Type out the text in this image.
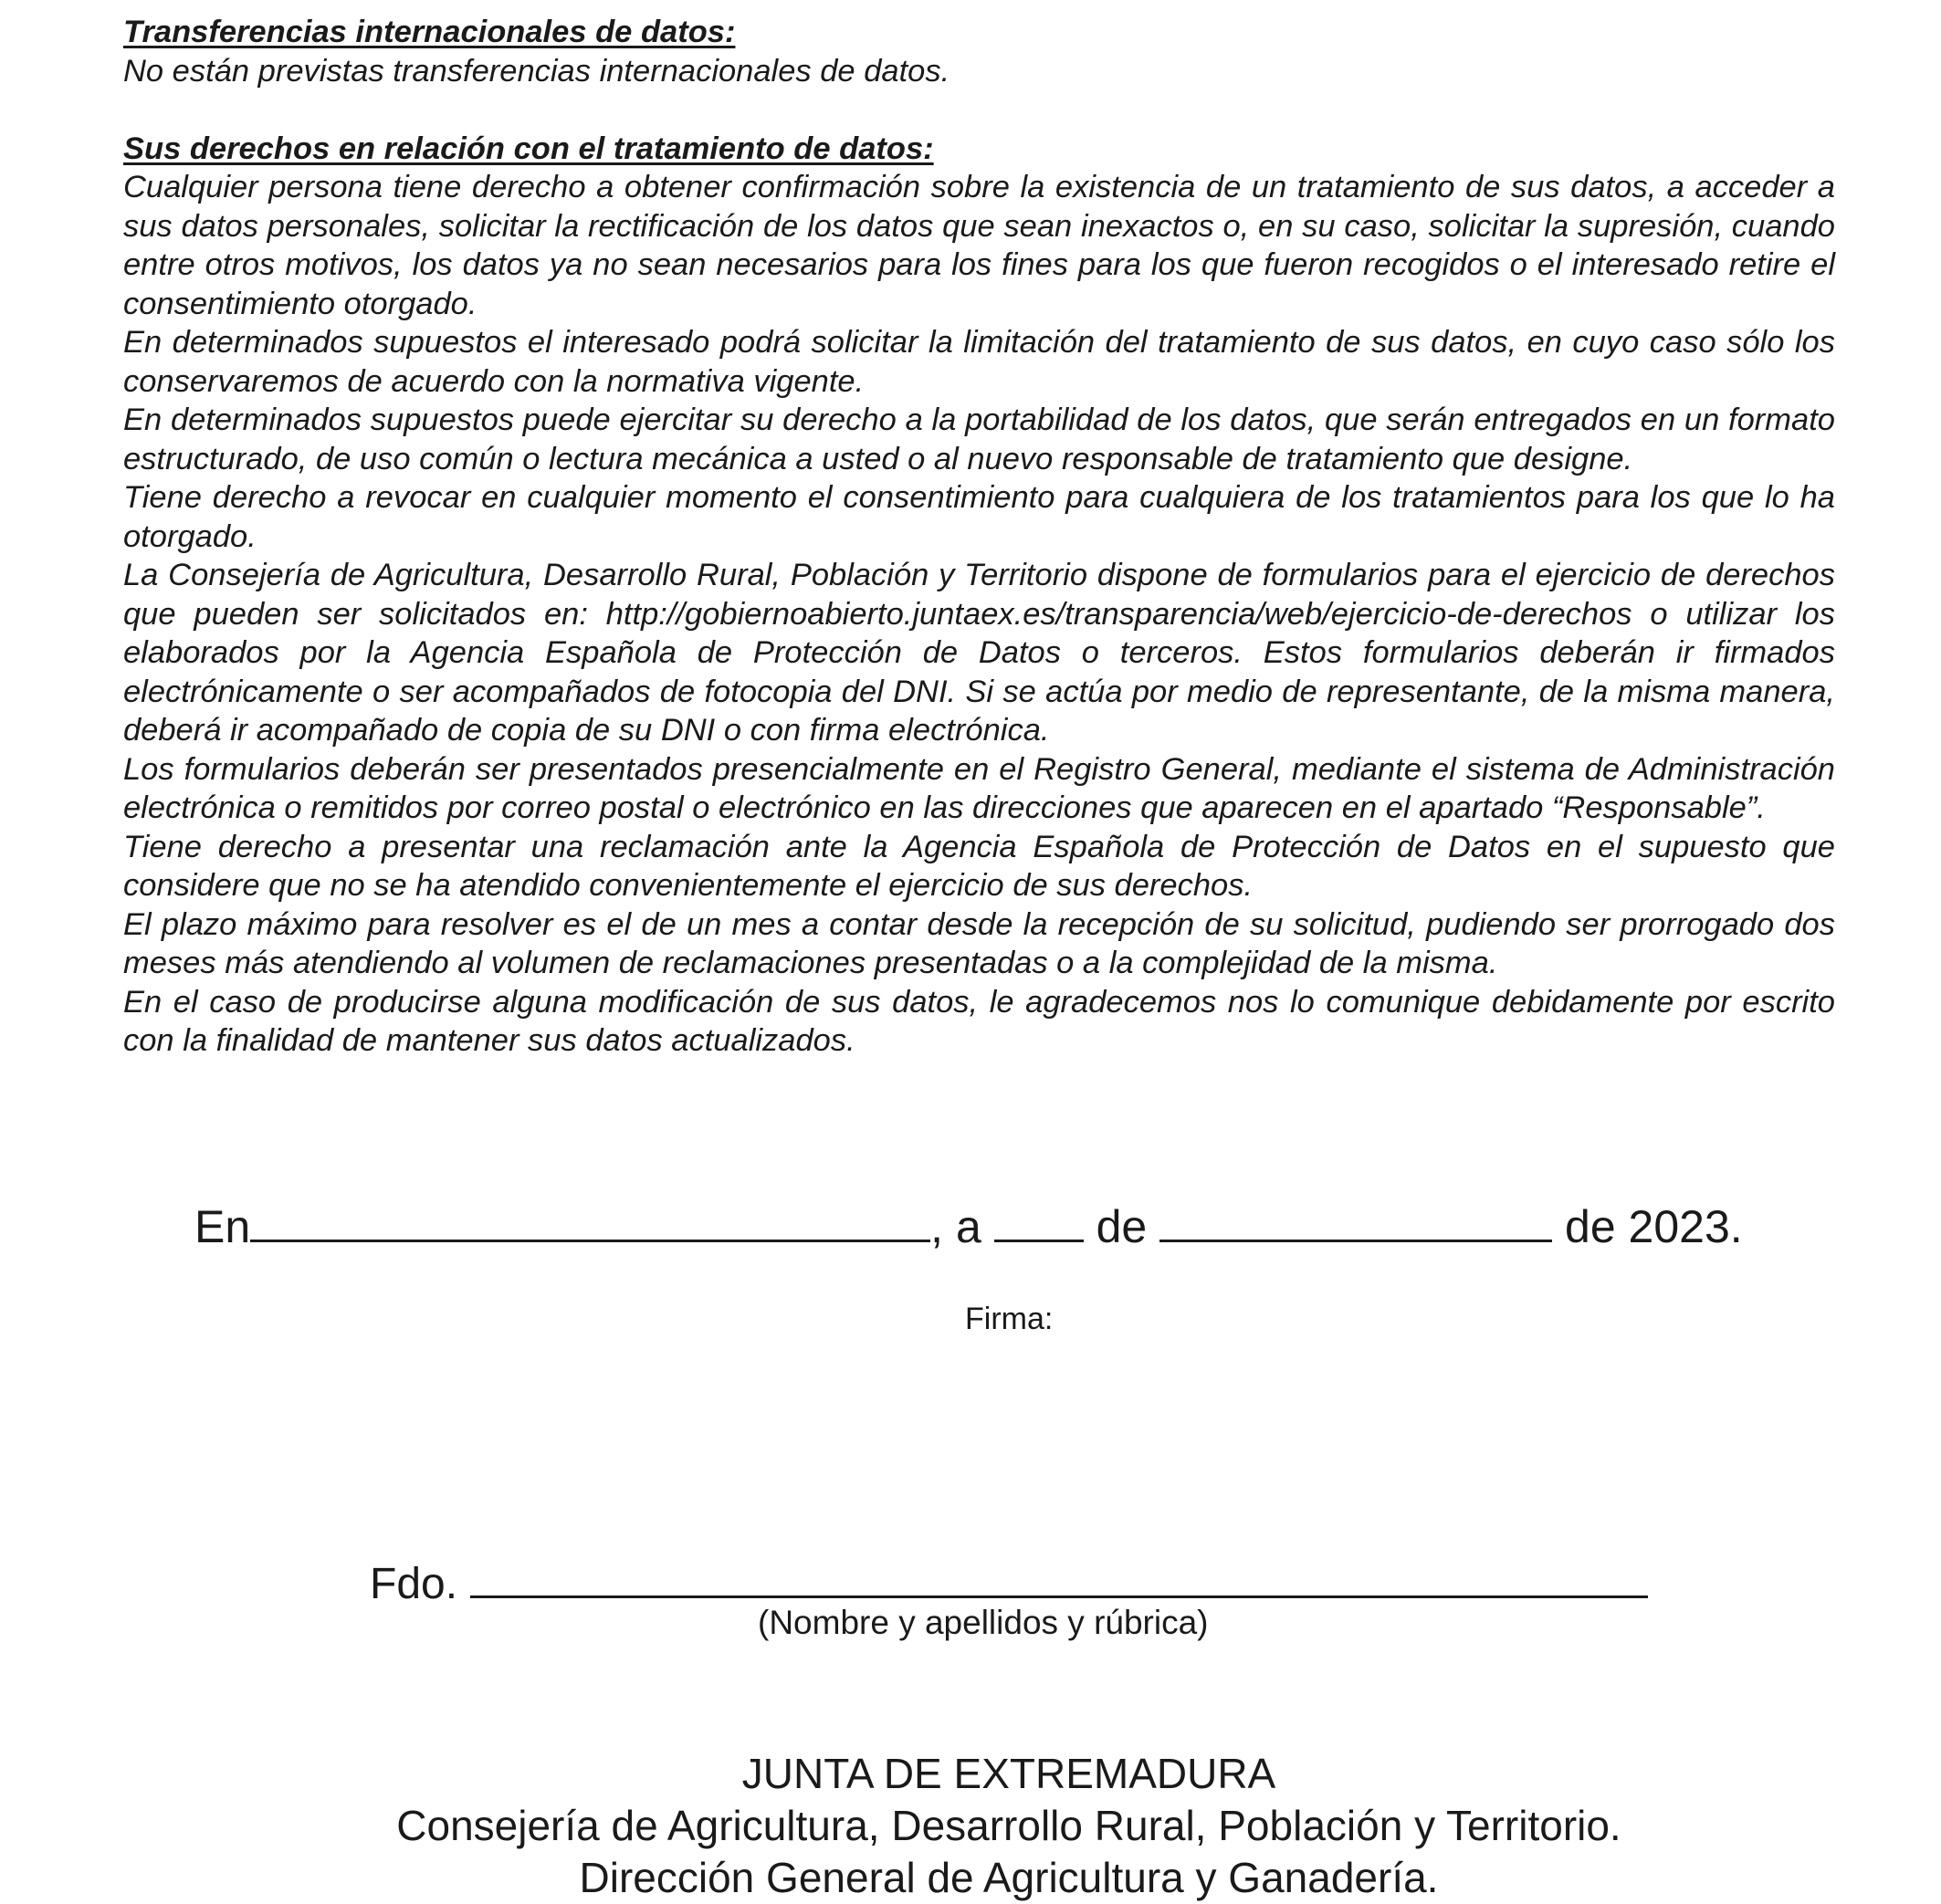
Transferencias internacionales de datos:

No están previstas transferencias internacionales de datos.

Sus derechos en relación con el tratamiento de datos:

Cualquier persona tiene derecho a obtener confirmación sobre la existencia de un tratamiento de sus datos, a acceder a sus datos personales, solicitar la rectificación de los datos que sean inexactos o, en su caso, solicitar la supresión, cuando entre otros motivos, los datos ya no sean necesarios para los fines para los que fueron recogidos o el interesado retire el consentimiento otorgado.

En determinados supuestos el interesado podrá solicitar la limitación del tratamiento de sus datos, en cuyo caso sólo los conservaremos de acuerdo con la normativa vigente.

En determinados supuestos puede ejercitar su derecho a la portabilidad de los datos, que serán entregados en un formato estructurado, de uso común o lectura mecánica a usted o al nuevo responsable de tratamiento que designe.

Tiene derecho a revocar en cualquier momento el consentimiento para cualquiera de los tratamientos para los que lo ha otorgado.

La Consejería de Agricultura, Desarrollo Rural, Población y Territorio dispone de formularios para el ejercicio de derechos que pueden ser solicitados en: http://gobiernoabierto.juntaex.es/transparencia/web/ejercicio-de-derechos o utilizar los elaborados por la Agencia Española de Protección de Datos o terceros. Estos formularios deberán ir firmados electrónicamente o ser acompañados de fotocopia del DNI. Si se actúa por medio de representante, de la misma manera, deberá ir acompañado de copia de su DNI o con firma electrónica.

Los formularios deberán ser presentados presencialmente en el Registro General, mediante el sistema de Administración electrónica o remitidos por correo postal o electrónico en las direcciones que aparecen en el apartado “Responsable”.

Tiene derecho a presentar una reclamación ante la Agencia Española de Protección de Datos en el supuesto que considere que no se ha atendido convenientemente el ejercicio de sus derechos.

El plazo máximo para resolver es el de un mes a contar desde la recepción de su solicitud, pudiendo ser prorrogado dos meses más atendiendo al volumen de reclamaciones presentadas o a la complejidad de la misma.

En el caso de producirse alguna modificación de sus datos, le agradecemos nos lo comunique debidamente por escrito con la finalidad de mantener sus datos actualizados.

En	, a	de	de 2023.
Firma:
Fdo.
(Nombre y apellidos y rúbrica)
JUNTA DE EXTREMADURA
Consejería de Agricultura, Desarrollo Rural, Población y Territorio.
Dirección General de Agricultura y Ganadería.
